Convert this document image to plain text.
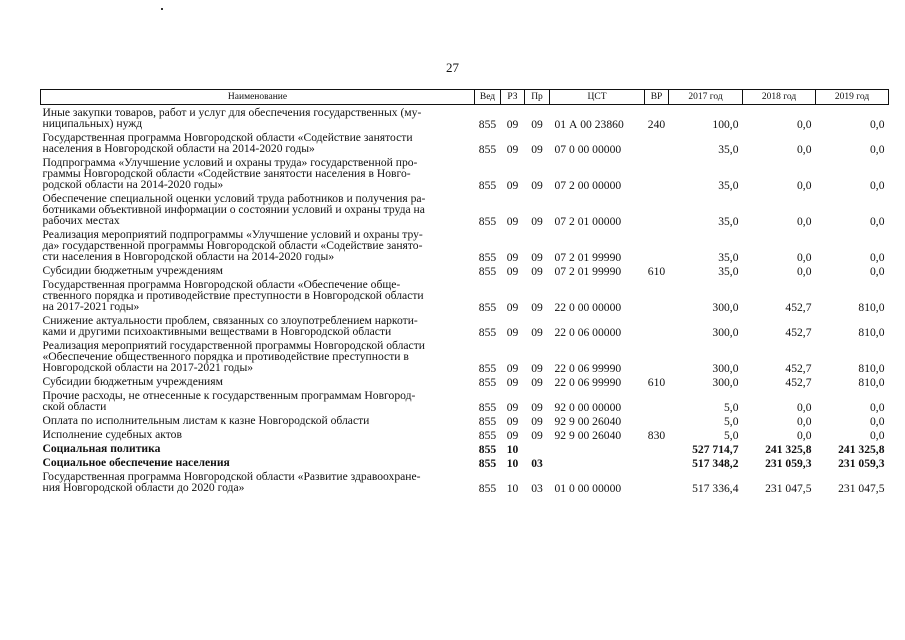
27
Наименование	Вед	РЗ	Пр	ЦСТ	ВР	2017 год	2018 год	2019 год
Иные закупки товаров, работ и услуг для обеспечения государственных (му-
ниципальных) нужд	855	09	09	01 А 00 23860	240	100,0	0,0	0,0
Государственная программа Новгородской области «Содействие занятости
населения в Новгородской области на 2014-2020 годы»	855	09	09	07 0 00 00000		35,0	0,0	0,0
Подпрограмма «Улучшение условий и охраны труда» государственной про-
граммы Новгородской области «Содействие занятости населения в Новго-
родской области на 2014-2020 годы»	855	09	09	07 2 00 00000		35,0	0,0	0,0
Обеспечение специальной оценки условий труда работников и получения ра-
ботниками объективной информации о состоянии условий и охраны труда на
рабочих местах	855	09	09	07 2 01 00000		35,0	0,0	0,0
Реализация мероприятий подпрограммы «Улучшение условий и охраны тру-
да» государственной программы Новгородской области «Содействие занято-
сти населения в Новгородской области на 2014-2020 годы»	855	09	09	07 2 01 99990		35,0	0,0	0,0
Субсидии бюджетным учреждениям	855	09	09	07 2 01 99990	610	35,0	0,0	0,0
Государственная программа Новгородской области «Обеспечение обще-
ственного порядка и противодействие преступности в Новгородской области
на 2017-2021 годы»	855	09	09	22 0 00 00000		300,0	452,7	810,0
Снижение актуальности проблем, связанных со злоупотреблением наркоти-
ками и другими психоактивными веществами в Новгородской области	855	09	09	22 0 06 00000		300,0	452,7	810,0
Реализация мероприятий государственной программы Новгородской области
«Обеспечение общественного порядка и противодействие преступности в
Новгородской области на 2017-2021 годы»	855	09	09	22 0 06 99990		300,0	452,7	810,0
Субсидии бюджетным учреждениям	855	09	09	22 0 06 99990	610	300,0	452,7	810,0
Прочие расходы, не отнесенные к государственным программам Новгород-
ской области	855	09	09	92 0 00 00000		5,0	0,0	0,0
Оплата по исполнительным листам к казне Новгородской области	855	09	09	92 9 00 26040		5,0	0,0	0,0
Исполнение судебных актов	855	09	09	92 9 00 26040	830	5,0	0,0	0,0
Социальная политика	855	10				527 714,7	241 325,8	241 325,8
Социальное обеспечение населения	855	10	03			517 348,2	231 059,3	231 059,3
Государственная программа Новгородской области «Развитие здравоохране-
ния Новгородской области до 2020 года»	855	10	03	01 0 00 00000		517 336,4	231 047,5	231 047,5
